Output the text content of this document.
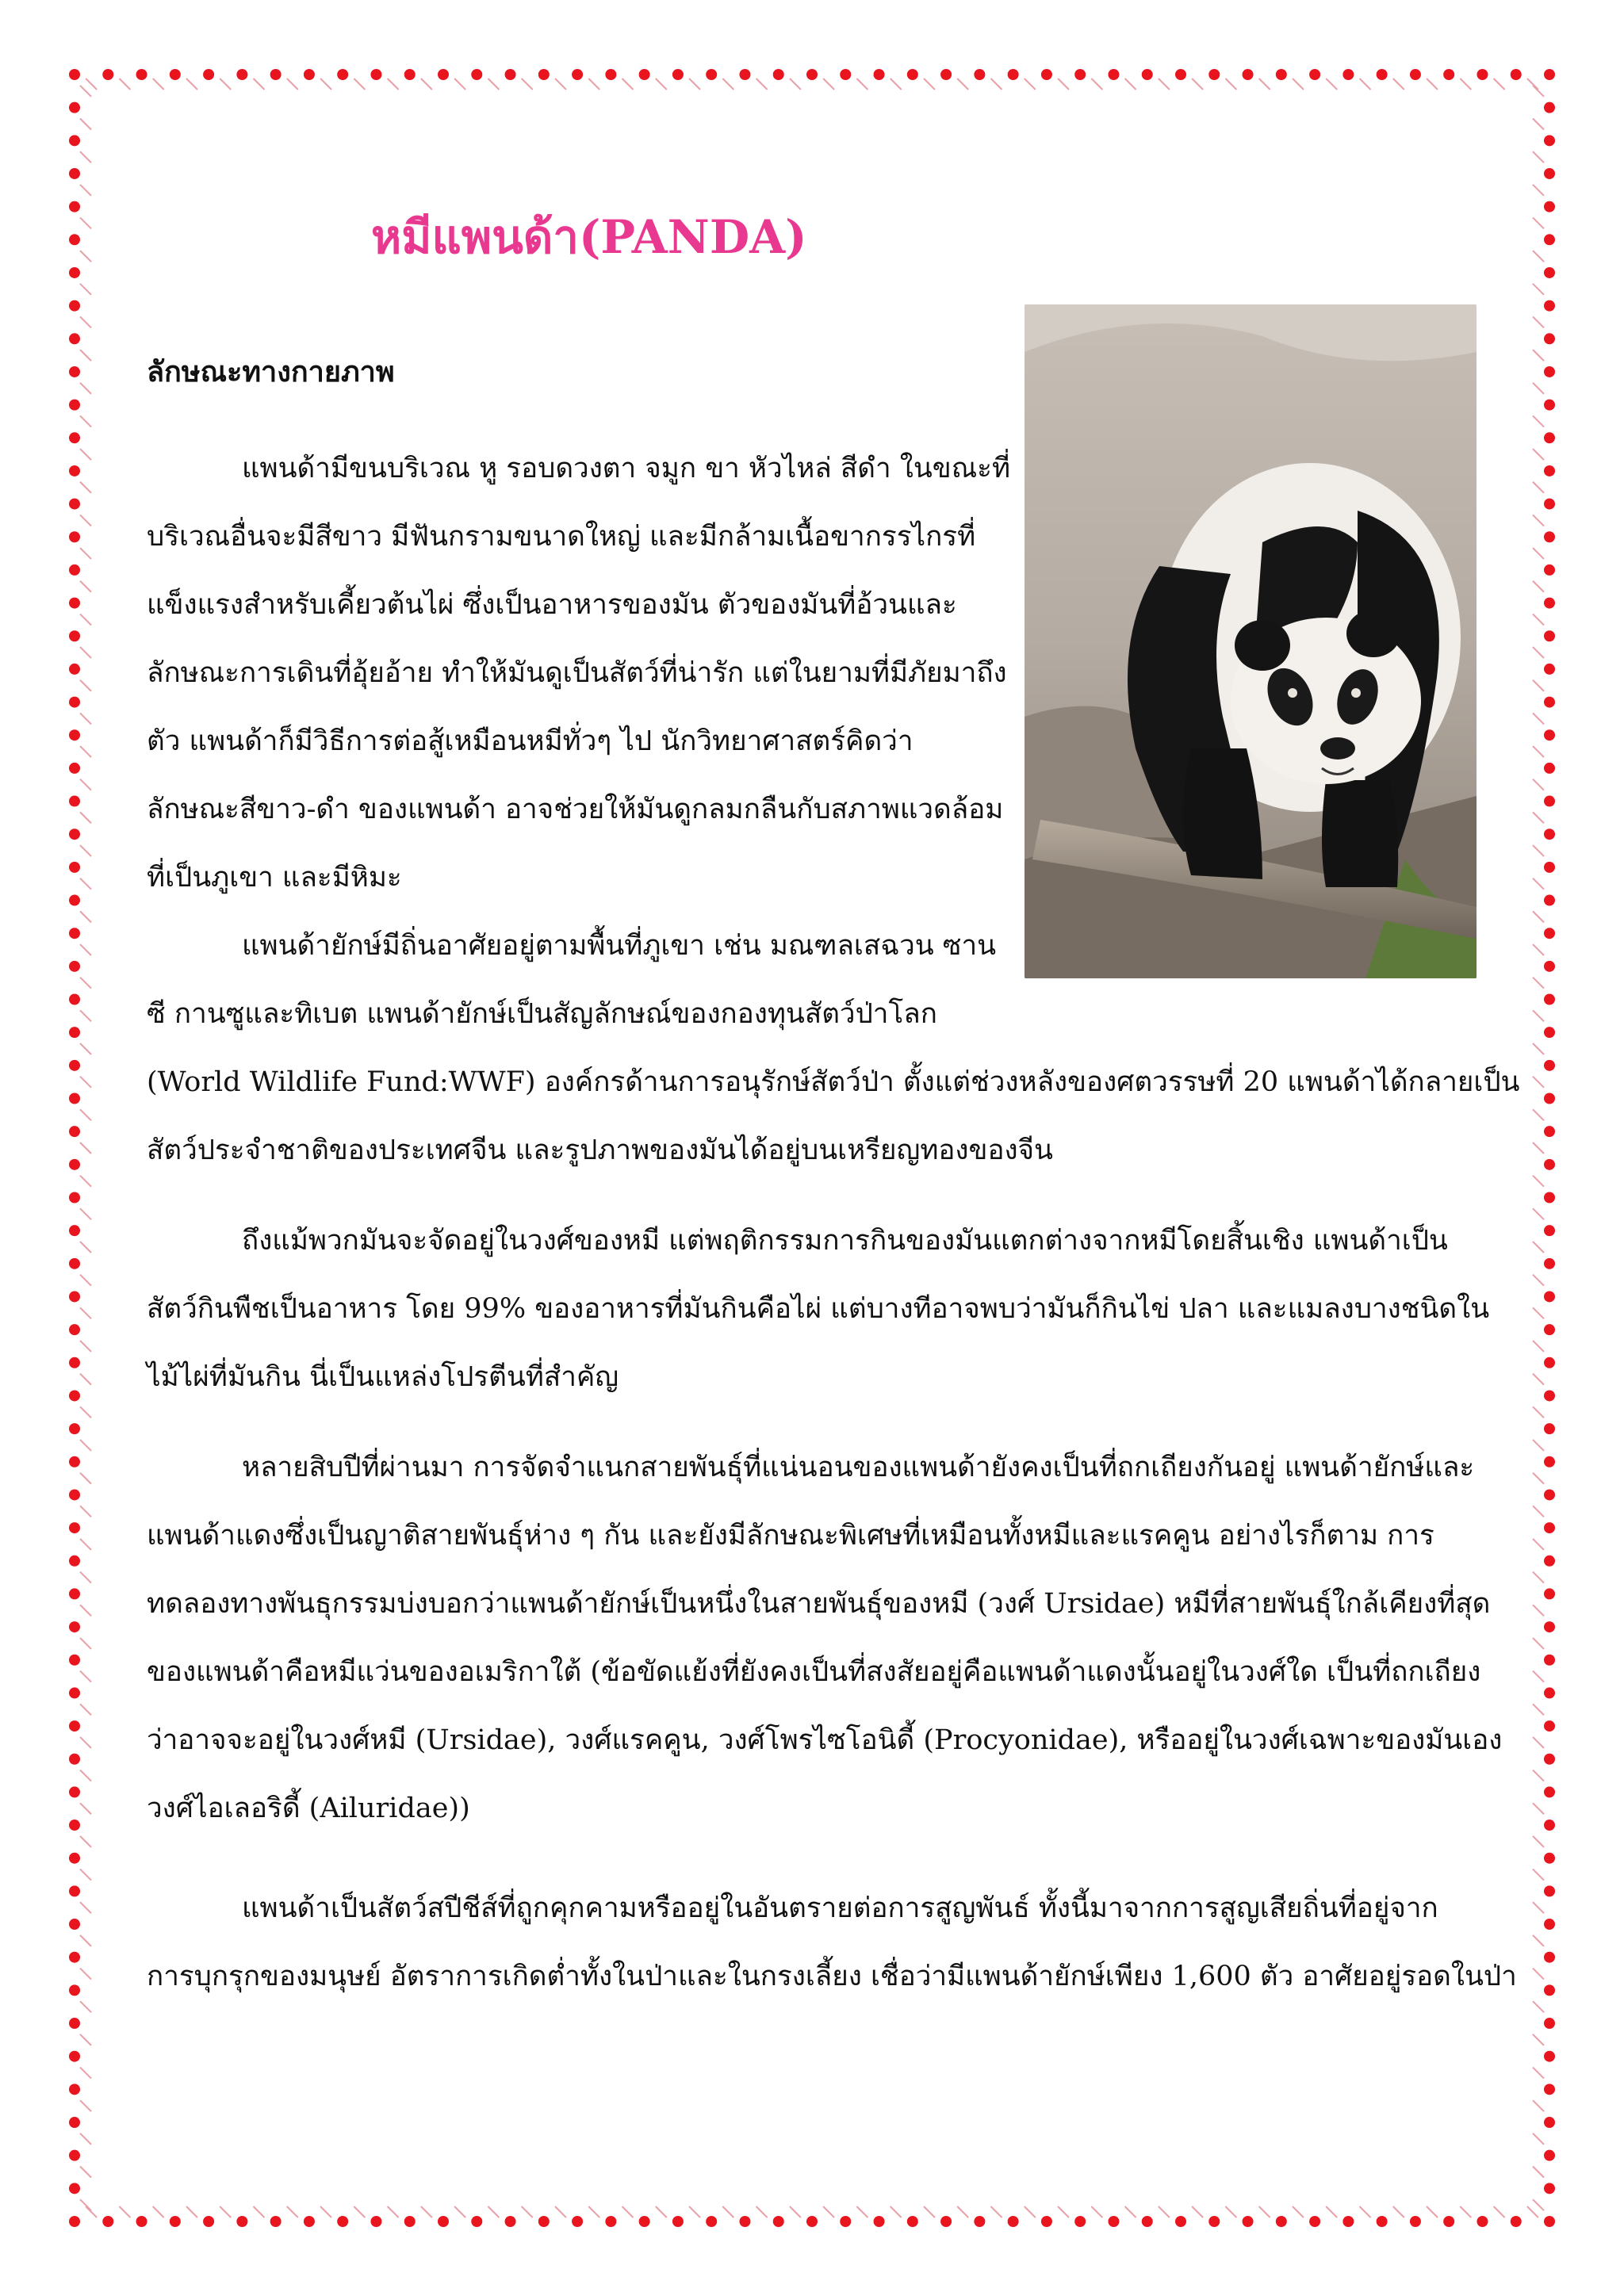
หมีแพนด้า(PANDA)
ลักษณะทางกายภาพ
แพนด้ามีขนบริเวณ หู รอบดวงตา จมูก ขา หัวไหล่ สีดำ ในขณะที่
บริเวณอื่นจะมีสีขาว มีฟันกรามขนาดใหญ่ และมีกล้ามเนื้อขากรรไกรที่
แข็งแรงสำหรับเคี้ยวต้นไผ่ ซึ่งเป็นอาหารของมัน ตัวของมันที่อ้วนและ
ลักษณะการเดินที่อุ้ยอ้าย ทำให้มันดูเป็นสัตว์ที่น่ารัก แต่ในยามที่มีภัยมาถึง
ตัว แพนด้าก็มีวิธีการต่อสู้เหมือนหมีทั่วๆ ไป นักวิทยาศาสตร์คิดว่า
ลักษณะสีขาว-ดำ ของแพนด้า อาจช่วยให้มันดูกลมกลืนกับสภาพแวดล้อม
ที่เป็นภูเขา และมีหิมะ
แพนด้ายักษ์มีถิ่นอาศัยอยู่ตามพื้นที่ภูเขา เช่น มณฑลเสฉวน ซาน
ซี กานซูและทิเบต แพนด้ายักษ์เป็นสัญลักษณ์ของกองทุนสัตว์ป่าโลก
(World Wildlife Fund:WWF) องค์กรด้านการอนุรักษ์สัตว์ป่า ตั้งแต่ช่วงหลังของศตวรรษที่ 20 แพนด้าได้กลายเป็น
สัตว์ประจำชาติของประเทศจีน และรูปภาพของมันได้อยู่บนเหรียญทองของจีน
ถึงแม้พวกมันจะจัดอยู่ในวงศ์ของหมี แต่พฤติกรรมการกินของมันแตกต่างจากหมีโดยสิ้นเชิง แพนด้าเป็น
สัตว์กินพืชเป็นอาหาร โดย 99% ของอาหารที่มันกินคือไผ่ แต่บางทีอาจพบว่ามันก็กินไข่ ปลา และแมลงบางชนิดใน
ไม้ไผ่ที่มันกิน นี่เป็นแหล่งโปรตีนที่สำคัญ
หลายสิบปีที่ผ่านมา การจัดจำแนกสายพันธุ์ที่แน่นอนของแพนด้ายังคงเป็นที่ถกเถียงกันอยู่ แพนด้ายักษ์และ
แพนด้าแดงซึ่งเป็นญาติสายพันธุ์ห่าง ๆ กัน และยังมีลักษณะพิเศษที่เหมือนทั้งหมีและแรคคูน อย่างไรก็ตาม การ
ทดลองทางพันธุกรรมบ่งบอกว่าแพนด้ายักษ์เป็นหนึ่งในสายพันธุ์ของหมี (วงศ์ Ursidae) หมีที่สายพันธุ์ใกล้เคียงที่สุด
ของแพนด้าคือหมีแว่นของอเมริกาใต้ (ข้อขัดแย้งที่ยังคงเป็นที่สงสัยอยู่คือแพนด้าแดงนั้นอยู่ในวงศ์ใด เป็นที่ถกเถียง
ว่าอาจจะอยู่ในวงศ์หมี (Ursidae), วงศ์แรคคูน, วงศ์โพรไซโอนิดี้ (Procyonidae), หรืออยู่ในวงศ์เฉพาะของมันเอง
วงศ์ไอเลอริดี้ (Ailuridae))
แพนด้าเป็นสัตว์สปีชีส์ที่ถูกคุกคามหรืออยู่ในอันตรายต่อการสูญพันธ์ ทั้งนี้มาจากการสูญเสียถิ่นที่อยู่จาก
การบุกรุกของมนุษย์ อัตราการเกิดต่ำทั้งในป่าและในกรงเลี้ยง เชื่อว่ามีแพนด้ายักษ์เพียง 1,600 ตัว อาศัยอยู่รอดในป่า
